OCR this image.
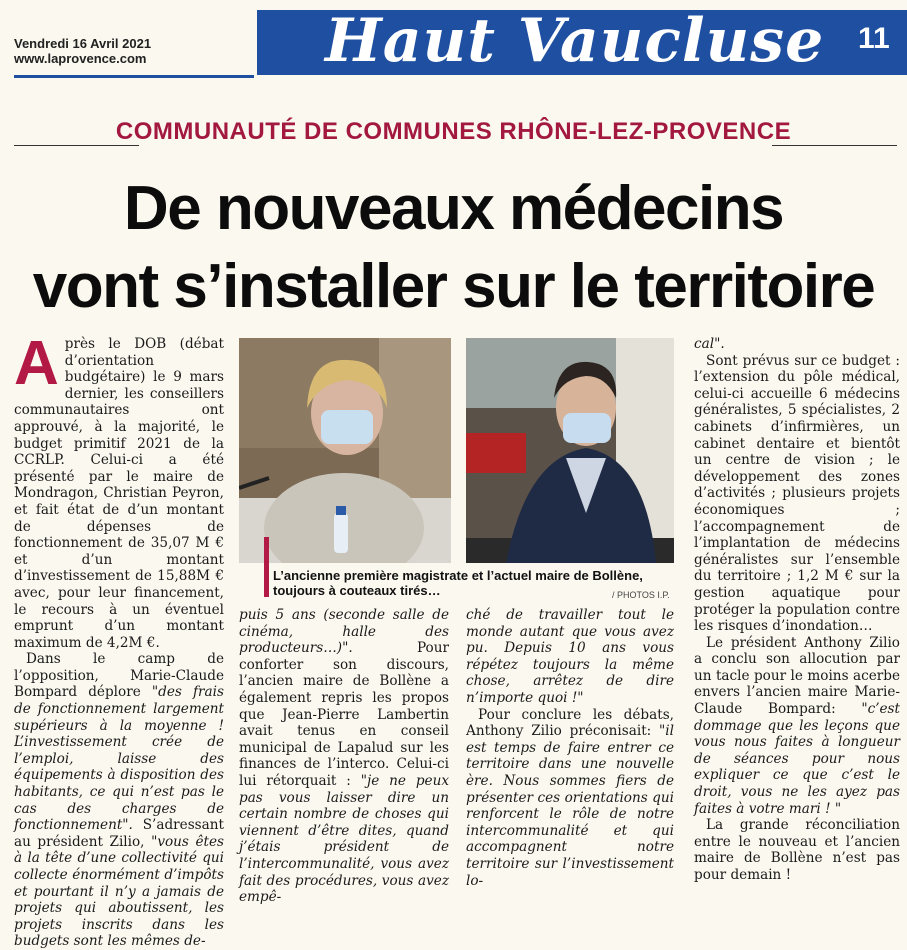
Vendredi 16 Avril 2021
www.laprovence.com	Haut Vaucluse	11
COMMUNAUTÉ DE COMMUNES RHÔNE-LEZ-PROVENCE
De nouveaux médecins
vont s’installer sur le territoire
A près le DOB (débat d’orientation budgétaire) le 9 mars dernier, les conseillers communautaires ont approuvé, à la majorité, le budget primitif 2021 de la CCRLP. Celui-ci a été présenté par le maire de Mondragon, Christian Peyron, et fait état de d’un montant de dépenses de fonctionnement de 35,07 M € et d’un montant d’investissement de 15,88M € avec, pour leur financement, le recours à un éventuel emprunt d’un montant maximum de 4,2M €.

Dans le camp de l’opposition, Marie-Claude Bompard déplore "des frais de fonctionnement largement supérieurs à la moyenne ! L’investissement crée de l’emploi, laisse des équipements à disposition des habitants, ce qui n’est pas le cas des charges de fonctionnement". S’adressant au président Zilio, "vous êtes à la tête d’une collectivité qui collecte énormément d’impôts et pourtant il n’y a jamais de projets qui aboutissent, les projets inscrits dans les budgets sont les mêmes de-

L’ancienne première magistrate et l’actuel maire de Bollène, toujours à couteaux tirés…	/ PHOTOS I.P.

puis 5 ans (seconde salle de cinéma, halle des producteurs…)". Pour conforter son discours, l’ancien maire de Bollène a également repris les propos que Jean-Pierre Lambertin avait tenus en conseil municipal de Lapalud sur les finances de l’interco. Celui-ci lui rétorquait : "je ne peux pas vous laisser dire un certain nombre de choses qui viennent d’être dites, quand j’étais président de l’intercommunalité, vous avez fait des procédures, vous avez empê-

ché de travailler tout le monde autant que vous avez pu. Depuis 10 ans vous répétez toujours la même chose, arrêtez de dire n’importe quoi !"

Pour conclure les débats, Anthony Zilio préconisait: "il est temps de faire entrer ce territoire dans une nouvelle ère. Nous sommes fiers de présenter ces orientations qui renforcent le rôle de notre intercommunalité et qui accompagnent notre territoire sur l’investissement lo-

cal".

Sont prévus sur ce budget : l’extension du pôle médical, celui-ci accueille 6 médecins généralistes, 5 spécialistes, 2 cabinets d’infirmières, un cabinet dentaire et bientôt un centre de vision ; le développement des zones d’activités ; plusieurs projets économiques ; l’accompagnement de l’implantation de médecins généralistes sur l’ensemble du territoire ; 1,2 M € sur la gestion aquatique pour protéger la population contre les risques d’inondation…

Le président Anthony Zilio a conclu son allocution par un tacle pour le moins acerbe envers l’ancien maire Marie-Claude Bompard: "c’est dommage que les leçons que vous nous faites à longueur de séances pour nous expliquer ce que c’est le droit, vous ne les ayez pas faites à votre mari ! "

La grande réconciliation entre le nouveau et l’ancien maire de Bollène n’est pas pour demain !
